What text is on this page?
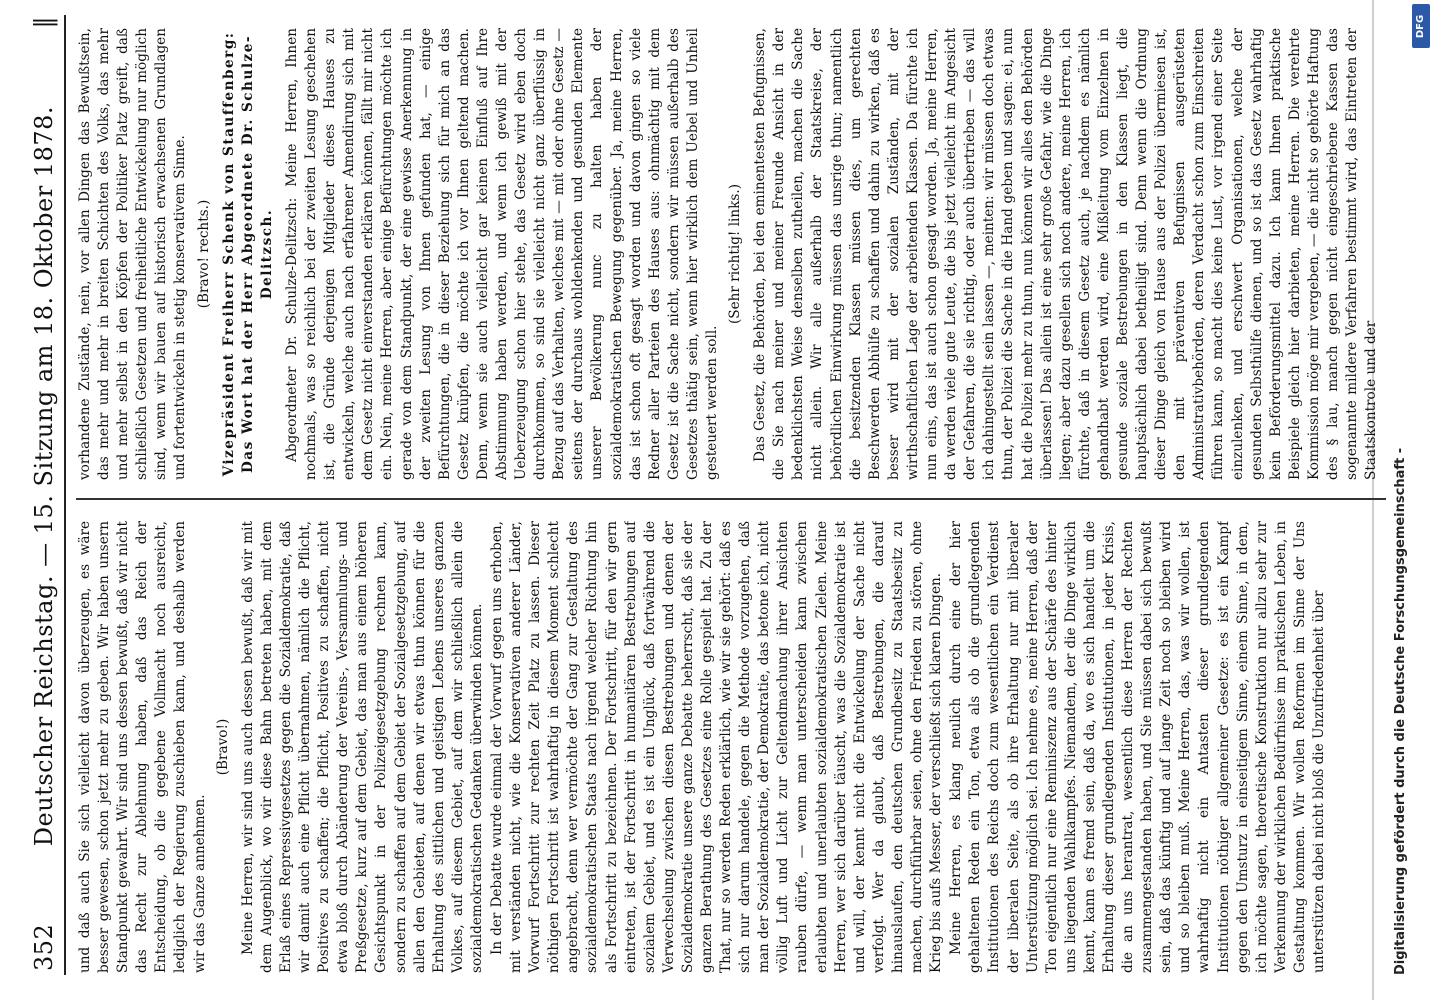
352
Deutscher Reichstag. — 15. Sitzung am 18. Oktober 1878.
‖

und daß auch Sie sich vielleicht davon überzeugen, es wäre besser gewesen, schon jetzt mehr zu geben. Wir haben unsern Standpunkt gewahrt. Wir sind uns dessen bewußt, daß wir nicht das Recht zur Ablehnung haben, daß das Reich der Entscheidung, ob die gegebene Vollmacht noch ausreicht, lediglich der Regierung zuschieben kann, und deshalb werden wir das Ganze annehmen.

(Bravo!) Meine Herren, wir sind uns auch dessen bewußt, daß wir mit dem Augenblick, wo wir diese Bahn betreten haben, mit dem Erlaß eines Repressivgesetzes gegen die Sozialdemokratie, daß wir damit auch eine Pflicht übernahmen, nämlich die Pflicht, Positives zu schaffen; die Pflicht, Positives zu schaffen, nicht etwa bloß durch Abänderung der Vereins-, Versammlungs- und Preßgesetze, kurz auf dem Gebiet, das man aus einem höheren Gesichtspunkt in der Polizeigesetzgebung rechnen kann, sondern zu schaffen auf dem Gebiet der Sozialgesetzgebung, auf allen den Gebieten, auf denen wir etwas thun können für die Erhaltung des sittlichen und geistigen Lebens unseres ganzen Volkes, auf diesem Gebiet, auf dem wir schließlich allein die sozialdemokratischen Gedanken überwinden können. In der Debatte wurde einmal der Vorwurf gegen uns erhoben, mit verständen nicht, wie die Konservativen anderer Länder, Vorwurf Fortschritt zur rechten Zeit Platz zu lassen. Dieser nöthigen Fortschritt ist wahrhaftig in diesem Moment schlecht angebracht, denn wer vermöchte der Gang zur Gestaltung des sozialdemokratischen Staats nach irgend welcher Richtung hin als Fortschritt zu bezeichnen. Der Fortschritt, für den wir gern eintreten, ist der Fortschritt in humanitären Bestrebungen auf sozialem Gebiet, und es ist ein Unglück, daß fortwährend die Verwechselung zwischen diesen Bestrebungen und denen der Sozialdemokratie unsere ganze Debatte beherrscht, daß sie der ganzen Berathung des Gesetzes eine Rolle gespielt hat. Zu der That, nur so werden Reden erklärlich, wie wir sie gehört: daß es sich nur darum handele, gegen die Methode vorzugehen, daß man der Sozialdemokratie, der Demokratie, das betone ich, nicht völlig Luft und Licht zur Geltendmachung ihrer Ansichten rauben dürfe, — wenn man unterscheiden kann zwischen erlaubten und unerlaubten sozialdemokratischen Zielen. Meine Herren, wer sich darüber täuscht, was die Sozialdemokratie ist und will, der kennt nicht die Entwickelung der Sache nicht verfolgt. Wer da glaubt, daß Bestrebungen, die darauf hinauslaufen, den deutschen Grundbesitz zu Staatsbesitz zu machen, durchführbar seien, ohne den Frieden zu stören, ohne Krieg bis aufs Messer, der verschließt sich klaren Dingen. Meine Herren, es klang neulich durch eine der hier gehaltenen Reden ein Ton, etwa als ob die grundlegenden Institutionen des Reichs doch zum wesentlichen ein Verdienst der liberalen Seite, als ob ihre Erhaltung nur mit liberaler Unterstützung möglich sei. Ich nehme es, meine Herren, daß der Ton eigentlich nur eine Reminiszenz aus der Schärfe des hinter uns liegenden Wahlkampfes. Niemandem, der die Dinge wirklich kennt, kann es fremd sein, daß da, wo es sich handelt um die Erhaltung dieser grundlegenden Institutionen, in jeder Krisis, die an uns herantrat, wesentlich diese Herren der Rechten zusammengestanden haben, und Sie müssen dabei sich bewußt sein, daß das künftig und auf lange Zeit noch so bleiben wird und so bleiben muß. Meine Herren, das, was wir wollen, ist wahrhaftig nicht ein Antasten dieser grundlegenden Institutionen nöthiger allgemeiner Gesetze: es ist ein Kampf gegen den Umsturz in einseitigem Sinne, einem Sinne, in dem, ich möchte sagen, theoretische Konstruktion nur allzu sehr zur Verkennung der wirklichen Bedürfnisse im praktischen Leben, in Gestaltung kommen. Wir wollen Reformen im Sinne der Uns unterstützen dabei nicht bloß die Unzufriedenheit über

vorhandene Zustände, nein, vor allen Dingen das Bewußtsein, das mehr und mehr in breiten Schichten des Volks, das mehr und mehr selbst in den Köpfen der Politiker Platz greift, daß schließlich Gesetzen und freiheitliche Entwickelung nur möglich sind, wenn wir bauen auf historisch erwachsenen Grundlagen und fortentwickeln in stetig konservativem Sinne. (Bravo! rechts.) Vizepräsident Freiherr Schenk von Stauffenberg: Das Wort hat der Herr Abgeordnete Dr. Schulze-Delitzsch. Abgeordneter Dr. Schulze-Delitzsch: Meine Herren, Ihnen nochmals, was so reichlich bei der zweiten Lesung geschehen ist, die Gründe derjenigen Mitglieder dieses Hauses zu entwickeln, welche auch nach erfahrener Amendirung sich mit dem Gesetz nicht einverstanden erklären können, fällt mir nicht ein. Nein, meine Herren, aber einige Befürchtungen möchte ich gerade von dem Standpunkt, der eine gewisse Anerkennung in der zweiten Lesung von Ihnen gefunden hat, — einige Befürchtungen, die in dieser Beziehung sich für mich an das Gesetz knüpfen, die möchte ich vor Ihnen geltend machen. Denn, wenn sie auch vielleicht gar keinen Einfluß auf Ihre Abstimmung haben werden, und wenn ich gewiß mit der Ueberzeugung schon hier stehe, das Gesetz wird eben doch durchkommen, so sind sie vielleicht nicht ganz überflüssig in Bezug auf das Verhalten, welches mit — mit oder ohne Gesetz — seitens der durchaus wohldenkenden und gesunden Elemente unserer Bevölkerung nunc zu halten haben der sozialdemokratischen Bewegung gegenüber. Ja, meine Herren, das ist schon oft gesagt worden und davon gingen so viele Redner aller Parteien des Hauses aus: ohnmächtig mit dem Gesetz ist die Sache nicht, sondern wir müssen außerhalb des Gesetzes thätig sein, wenn hier wirklich dem Uebel und Unheil gesteuert werden soll.

(Sehr richtig! links.) Das Gesetz, die Behörden, bei den eminentesten Befugnissen, die Sie nach meiner und meiner Freunde Ansicht in der bedenklichsten Weise denselben zutheilen, machen die Sache nicht allein. Wir alle außerhalb der Staatskreise, der behördlichen Einwirkung müssen das unsrige thun; namentlich die besitzenden Klassen müssen dies, um gerechten Beschwerden Abhülfe zu schaffen und dahin zu wirken, daß es besser wird mit der sozialen Zuständen, mit der wirthschaftlichen Lage der arbeitenden Klassen. Da fürchte ich nun eins, das ist auch schon gesagt worden. Ja, meine Herren, da werden viele gute Leute, die bis jetzt vielleicht im Angesicht der Gefahren, die sie richtig, oder auch übertrieben — das will ich dahingestellt sein lassen —, meinten: wir müssen doch etwas thun, der Polizei die Sache in die Hand geben und sagen: ei, nun hat die Polizei mehr zu thun, nun können wir alles den Behörden überlassen! Das allein ist eine sehr große Gefahr, wie die Dinge liegen; aber dazu gesellen sich noch andere, meine Herren, ich fürchte, daß in diesem Gesetz auch, je nachdem es nämlich gehandhabt werden wird, eine Mißleitung vom Einzelnen in gesunde soziale Bestrebungen in den Klassen liegt, die hauptsächlich dabei betheiligt sind. Denn wenn die Ordnung dieser Dinge gleich von Hause aus der Polizei übermiesen ist, den mit präventiven Befugnissen ausgerüsteten Administrativbehörden, deren Verdacht schon zum Einschreiten führen kann, so macht dies keine Lust, vor irgend einer Seite einzulenken, und erschwert Organisationen, welche der gesunden Selbsthülfe dienen, und so ist das Gesetz wahrhaftig kein Beförderungsmittel dazu. Ich kann Ihnen praktische Beispiele gleich hier darbieten, meine Herren. Die verehrte Kommission möge mir vergeben, — die nicht so gehörte Haftung des § lau, manch gegen nicht eingeschriebene Kassen das sogenannte mildere Verfahren bestimmt wird, das Eintreten der Staatskontrole und der

Digitalisierung gefördert durch die Deutsche Forschungsgemeinschaft -
DFG
